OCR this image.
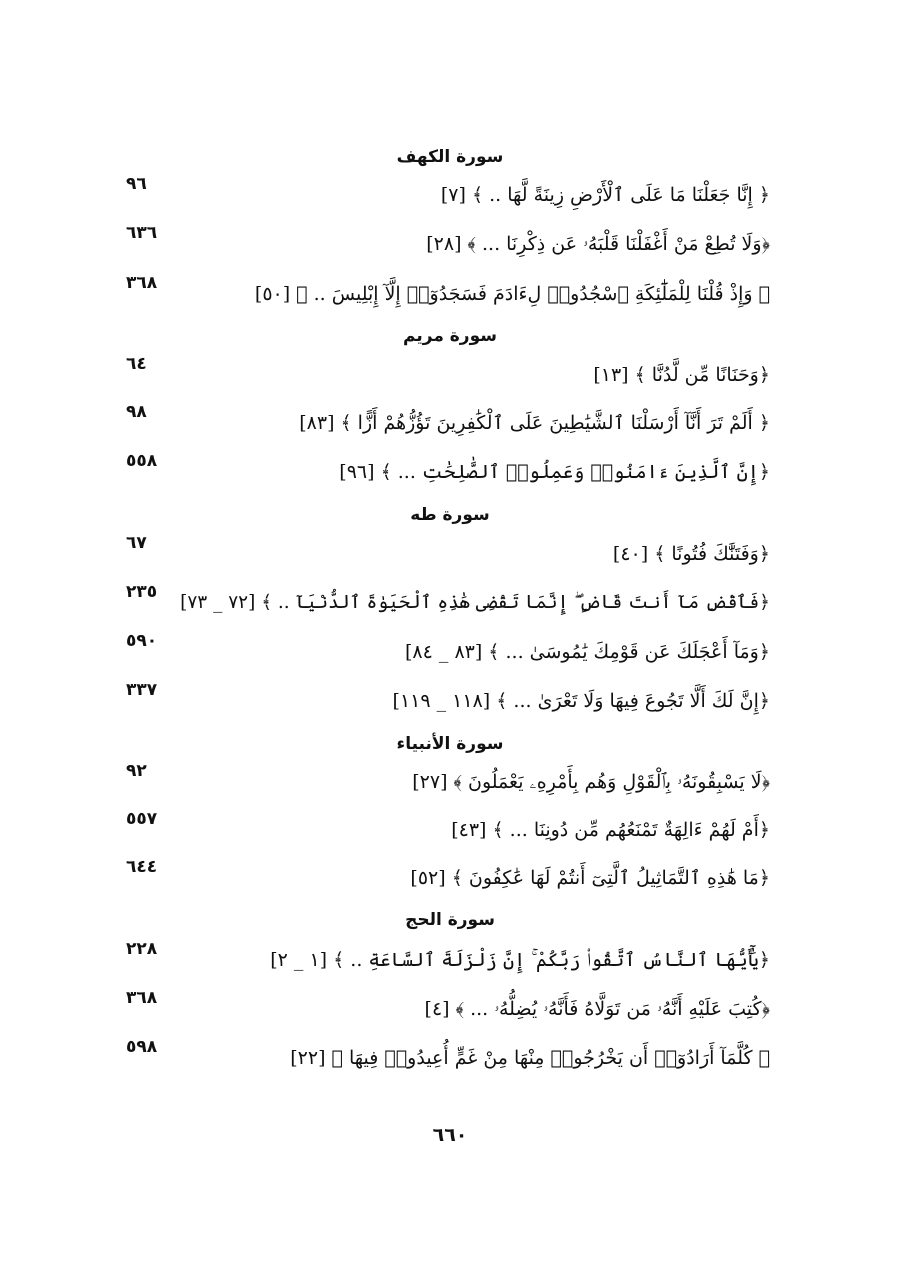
سورة الكهف
﴿ إِنَّا جَعَلْنَا مَا عَلَى ٱلْأَرْضِ زِينَةً لَّهَا .. ﴾ [٧]
٩٦
﴿وَلَا تُطِعْ مَنْ أَغْفَلْنَا قَلْبَهُۥ عَن ذِكْرِنَا ... ﴾ [٢٨]
٦٣٦
﴿ وَإِذْ قُلْنَا لِلْمَلَٰٓئِكَةِ ٱسْجُدُوا۟ لِءَادَمَ فَسَجَدُوٓا۟ إِلَّآ إِبْلِيسَ .. ﴾ [٥٠]
٣٦٨
سورة مريم
﴿وَحَنَانًا مِّن لَّدُنَّا ﴾ [١٣]
٦٤
﴿ أَلَمْ تَرَ أَنَّآ أَرْسَلْنَا ٱلشَّيَٰطِينَ عَلَى ٱلْكَٰفِرِينَ تَؤُزُّهُمْ أَزًّا ﴾ [٨٣]
٩٨
﴿إِنَّ ٱلَّذِينَ ءَامَنُوا۟ وَعَمِلُوا۟ ٱلصَّٰلِحَٰتِ ... ﴾ [٩٦]
٥٥٨
سورة طه
﴿وَفَتَنَّٰكَ فُتُونًا ﴾ [٤٠]
٦٧
﴿فَٱقْضِ مَآ أَنتَ قَاضٍ ۖ إِنَّمَا تَقْضِى هَٰذِهِ ٱلْحَيَوٰةَ ٱلدُّنْيَآ .. ﴾ [٧٢ _ ٧٣]
٢٣٥
﴿وَمَآ أَعْجَلَكَ عَن قَوْمِكَ يَٰمُوسَىٰ ... ﴾ [٨٣ _ ٨٤]
٥٩٠
﴿إِنَّ لَكَ أَلَّا تَجُوعَ فِيهَا وَلَا تَعْرَىٰ ... ﴾ [١١٨ _ ١١٩]
٣٣٧
سورة الأنبياء
﴿لَا يَسْبِقُونَهُۥ بِٱلْقَوْلِ وَهُم بِأَمْرِهِۦ يَعْمَلُونَ ﴾ [٢٧]
٩٢
﴿أَمْ لَهُمْ ءَالِهَةٌ تَمْنَعُهُم مِّن دُونِنَا ... ﴾ [٤٣]
٥٥٧
﴿مَا هَٰذِهِ ٱلتَّمَاثِيلُ ٱلَّتِىٓ أَنتُمْ لَهَا عَٰكِفُونَ ﴾ [٥٢]
٦٤٤
سورة الحج
﴿يَٰٓأَيُّهَا ٱلنَّاسُ ٱتَّقُوا۟ رَبَّكُمْ ۚ إِنَّ زَلْزَلَةَ ٱلسَّاعَةِ .. ﴾ [١ _ ٢]
٢٢٨
﴿كُتِبَ عَلَيْهِ أَنَّهُۥ مَن تَوَلَّاهُ فَأَنَّهُۥ يُضِلُّهُۥ ... ﴾ [٤]
٣٦٨
﴿ كُلَّمَآ أَرَادُوٓا۟ أَن يَخْرُجُوا۟ مِنْهَا مِنْ غَمٍّ أُعِيدُوا۟ فِيهَا ﴾ [٢٢]
٥٩٨
٦٦٠
